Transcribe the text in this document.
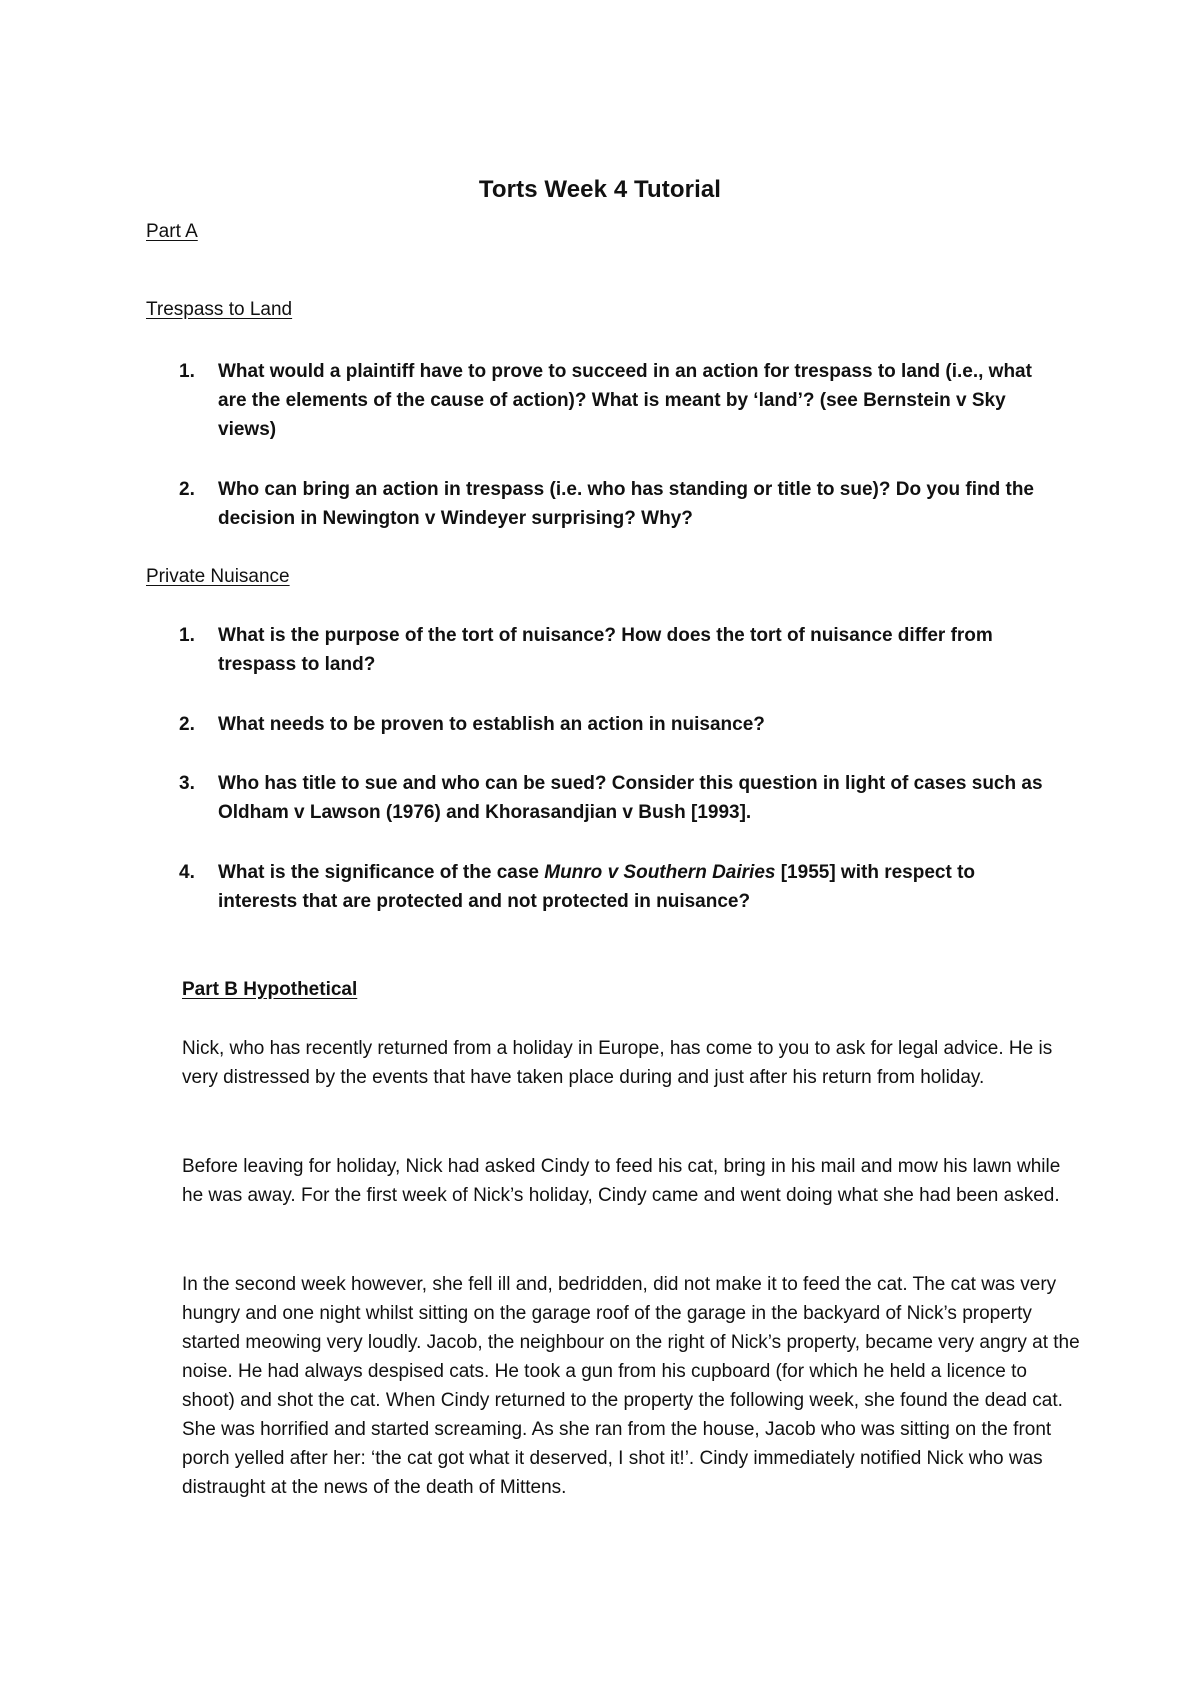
Torts Week 4 Tutorial
Part A
Trespass to Land
1.	What would a plaintiff have to prove to succeed in an action for trespass to land (i.e., what are the elements of the cause of action)? What is meant by ‘land’? (see Bernstein v Sky views)
2.	Who can bring an action in trespass (i.e. who has standing or title to sue)? Do you find the decision in Newington v Windeyer surprising? Why?
Private Nuisance
1.	What is the purpose of the tort of nuisance? How does the tort of nuisance differ from trespass to land?
2.	What needs to be proven to establish an action in nuisance?
3.	Who has title to sue and who can be sued? Consider this question in light of cases such as Oldham v Lawson (1976) and Khorasandjian v Bush [1993].
4.	What is the significance of the case Munro v Southern Dairies [1955] with respect to interests that are protected and not protected in nuisance?
Part B Hypothetical
Nick, who has recently returned from a holiday in Europe, has come to you to ask for legal advice. He is very distressed by the events that have taken place during and just after his return from holiday.
Before leaving for holiday, Nick had asked Cindy to feed his cat, bring in his mail and mow his lawn while he was away. For the first week of Nick’s holiday, Cindy came and went doing what she had been asked.
In the second week however, she fell ill and, bedridden, did not make it to feed the cat. The cat was very hungry and one night whilst sitting on the garage roof of the garage in the backyard of Nick’s property started meowing very loudly. Jacob, the neighbour on the right of Nick’s property, became very angry at the noise. He had always despised cats. He took a gun from his cupboard (for which he held a licence to shoot) and shot the cat. When Cindy returned to the property the following week, she found the dead cat. She was horrified and started screaming. As she ran from the house, Jacob who was sitting on the front porch yelled after her: ‘the cat got what it deserved, I shot it!’. Cindy immediately notified Nick who was distraught at the news of the death of Mittens.
